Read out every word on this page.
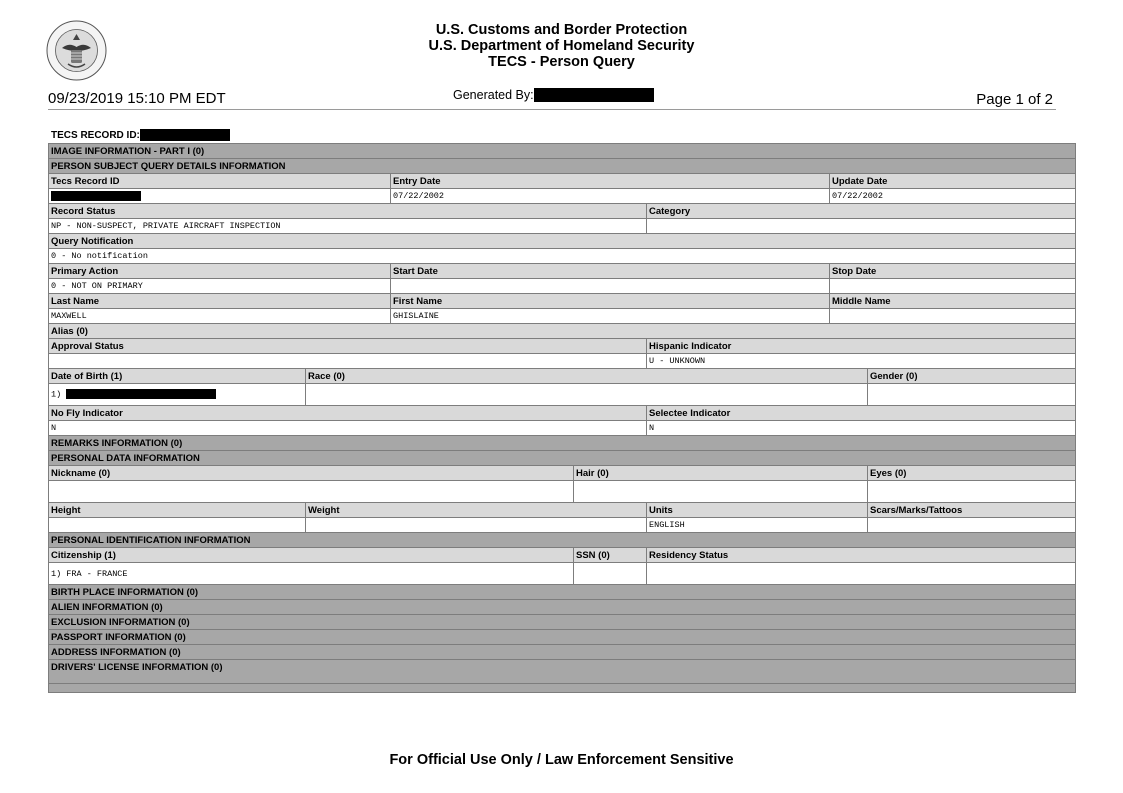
U.S. Customs and Border Protection
U.S. Department of Homeland Security
TECS - Person Query
09/23/2019 15:10 PM EDT	Generated By:	Page 1 of 2
TECS RECORD ID:
IMAGE INFORMATION - PART I (0)						
PERSON SUBJECT QUERY DETAILS INFORMATION						
Tecs Record ID		Entry Date			Update Date	
		07/22/2002			07/22/2002	
Record Status				Category		
NP - NON-SUSPECT, PRIVATE AIRCRAFT INSPECTION						
Query Notification						
0 - No notification						
Primary Action		Start Date			Stop Date	
0 - NOT ON PRIMARY						
Last Name		First Name			Middle Name	
MAXWELL		GHISLAINE				
Alias (0)						
Approval Status				Hispanic Indicator		
				U - UNKNOWN		
Date of Birth (1)	Race (0)					Gender (0)
1)						
No Fly Indicator				Selectee Indicator		
N				N		
REMARKS INFORMATION (0)						
PERSONAL DATA INFORMATION						
Nickname (0)			Hair (0)			Eyes (0)

Height	Weight			Units		Scars/Marks/Tattoos
				ENGLISH		
PERSONAL IDENTIFICATION INFORMATION						
Citizenship (1)			SSN (0)	Residency Status		
1) FRA - FRANCE						
BIRTH PLACE INFORMATION (0)						
ALIEN INFORMATION (0)						
EXCLUSION INFORMATION (0)						
PASSPORT INFORMATION (0)						
ADDRESS INFORMATION (0)						
DRIVERS' LICENSE INFORMATION (0)						

For Official Use Only / Law Enforcement Sensitive
